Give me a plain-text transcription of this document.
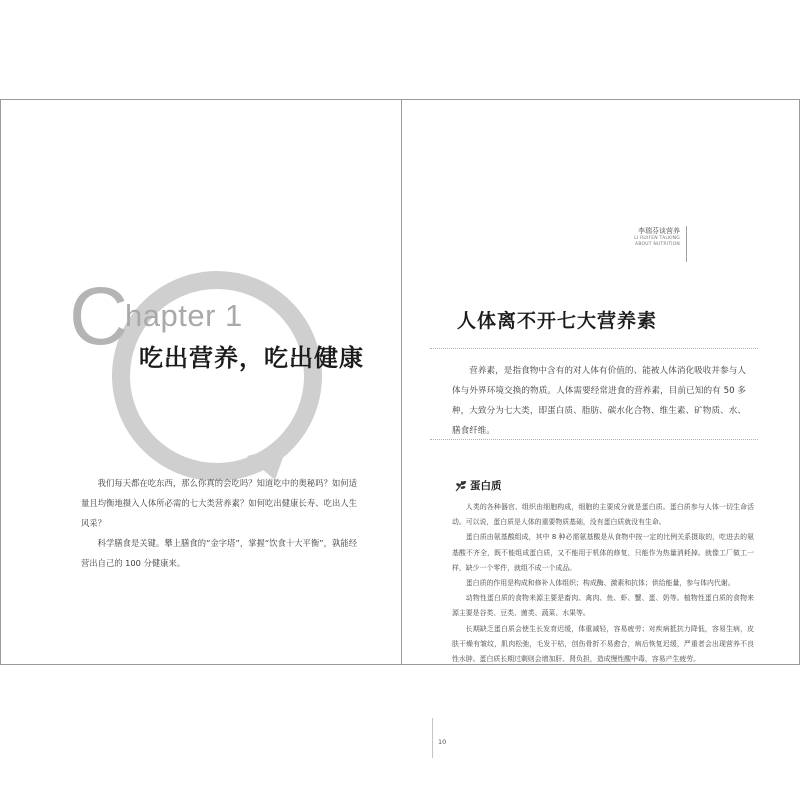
C
hapter 1
吃出营养，吃出健康

我们每天都在吃东西，那么你真的会吃吗？知道吃中的奥秘吗？如何适量且均衡地摄入人体所必需的七大类营养素？如何吃出健康长寿、吃出人生风采？

科学膳食是关键。攀上膳食的“金字塔”，掌握“饮食十大平衡”，孰能经营出自己的 100 分健康来。

李瑞芬谈营养
LI RUIFEN TALKING
ABOUT NUTRITION
人体离不开七大营养素

营养素，是指食物中含有的对人体有价值的、能被人体消化吸收并参与人体与外界环境交换的物质。人体需要经常进食的营养素，目前已知的有 50 多种，大致分为七大类，即蛋白质、脂肪、碳水化合物、维生素、矿物质、水、膳食纤维。

蛋白质

人类的各种器官、组织由细胞构成，细胞的主要成分就是蛋白质。蛋白质参与人体一切生命活动。可以说，蛋白质是人体的重要物质基础，没有蛋白质就没有生命。

蛋白质由氨基酸组成，其中 8 种必需氨基酸是从食物中按一定的比例关系摄取的，吃进去的氨基酸不齐全，既不能组成蛋白质，又不能用于机体的修复，只能作为热量消耗掉。就像工厂做工一样，缺少一个零件，就组不成一个成品。

蛋白质的作用是构成和修补人体组织；构成酶、激素和抗体；供给能量，参与体内代谢。

动物性蛋白质的食物来源主要是畜肉、禽肉、鱼、虾、蟹、蛋、奶等。植物性蛋白质的食物来源主要是谷类、豆类、菌类、蔬菜、水果等。

长期缺乏蛋白质会使生长发育迟缓，体重减轻，容易疲劳；对疾病抵抗力降低，容易生病，皮肤干燥有皱纹，肌肉松弛，毛发干枯，创伤骨折不易愈合，病后恢复迟缓，严重者会出现营养不良性水肿。蛋白质长期过剩则会增加肝、肾负担，造成慢性酸中毒，容易产生疲劳。

10
